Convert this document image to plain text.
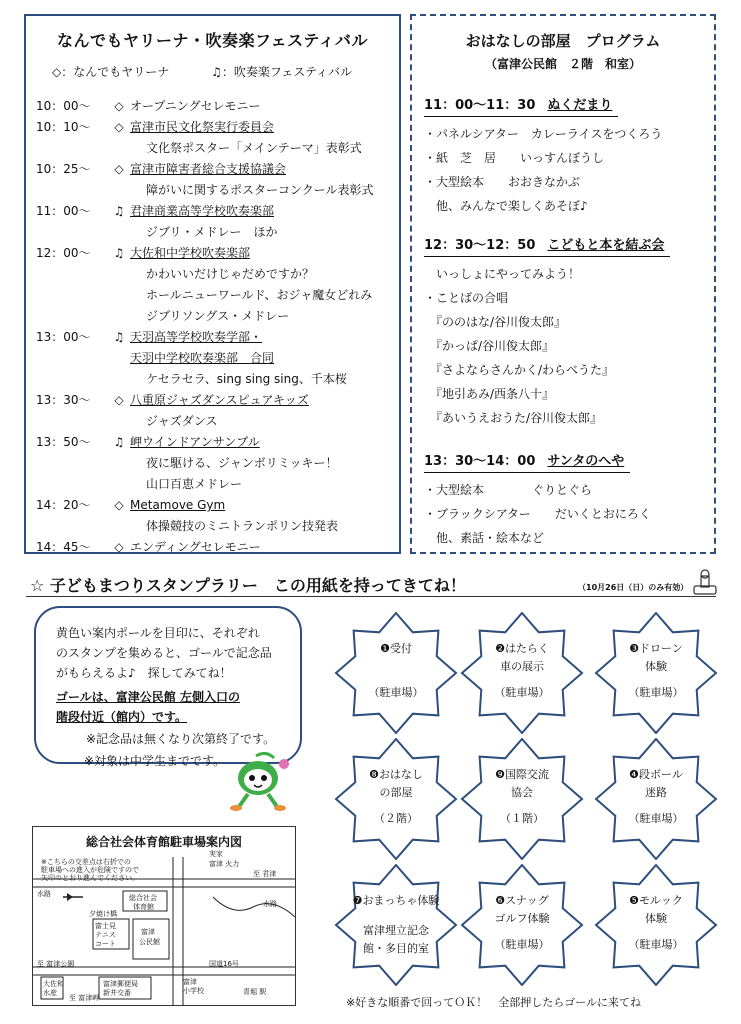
なんでもヤリーナ・吹奏楽フェスティバル
◇：なんでもヤリーナ	♫：吹奏楽フェスティバル
10：00～	◇ オープニングセレモニー
10：10～	◇ 富津市民文化祭実行委員会
文化祭ポスター「メインテーマ」表彰式
10：25～	◇ 富津市障害者総合支援協議会
障がいに関するポスターコンクール表彰式
11：00～	♫ 君津商業高等学校吹奏楽部
ジブリ・メドレー　ほか
12：00～	♫ 大佐和中学校吹奏楽部
かわいいだけじゃだめですか？
ホールニューワールド、おジャ魔女どれみ
ジブリソングス・メドレー
13：00～	♫ 天羽高等学校吹奏学部・
天羽中学校吹奏楽部　合同
ケセラセラ、sing sing sing、千本桜
13：30～	◇ 八重原ジャズダンスピュアキッズ
ジャズダンス
13：50～	♫ 岬ウインドアンサンブル
夜に駆ける、ジャンボリミッキー！
山口百恵メドレー
14：20～	◇ Metamove Gym
体操競技のミニトランポリン技発表
14：45～	◇ エンディングセレモニー
おはなしの部屋　プログラム
（富津公民館　２階　和室）
11：00～11：30 ぬくだまり
・パネルシアター　カレーライスをつくろう
・紙　芝　居　　いっすんぼうし
・大型絵本　　おおきなかぶ
　他、みんなで楽しくあそぼ♪
12：30～12：50 こどもと本を結ぶ会
　いっしょにやってみよう！
・ことばの合唱
　『ののはな/谷川俊太郎』
　『かっぱ/谷川俊太郎』
　『さよならさんかく/わらべうた』
　『地引あみ/西条八十』
　『あいうえおうた/谷川俊太郎』
13：30～14：00 サンタのへや
・大型絵本　　　　ぐりとぐら
・ブラックシアター　　だいくとおにろく
　他、素話・絵本など
☆ 子どもまつりスタンプラリー　この用紙を持ってきてね！	（10月26日（日）のみ有効）
黄色い案内ポールを目印に、それぞれ
のスタンプを集めると、ゴールで記念品
がもらえるよ♪　探してみてね！
ゴールは、富津公民館 左側入口の
階段付近（館内）です。
※記念品は無くなり次第終了です。
※対象は中学生までです。
総合社会体育館駐車場案内図
※こちらの交差点は右折での
駐車場への進入が危険ですので
矢印のとおり進んでください。
水路
実家
富津 火力
至 君津
総合社会
体育館
富士見
テニス
コート
夕焼け橋
富津
公民館
水路
国道16号
至 富津公園
大佐和
水産
富津郵便局
新井交番
富津
小学校
至 富津岬
青堀 駅
❶受付
（駐車場）
❷はたらく
車の展示
（駐車場）
❸ドローン
体験
（駐車場）
❽おはなし
の部屋
（２階）
❾国際交流
協会
（１階）
❹段ボール
迷路
（駐車場）
❼おまっちゃ体験
富津埋立記念
館・多目的室
❻スナッグ
ゴルフ体験
（駐車場）
❺モルック
体験
（駐車場）
※好きな順番で回ってＯＫ！　全部押したらゴールに来てね
